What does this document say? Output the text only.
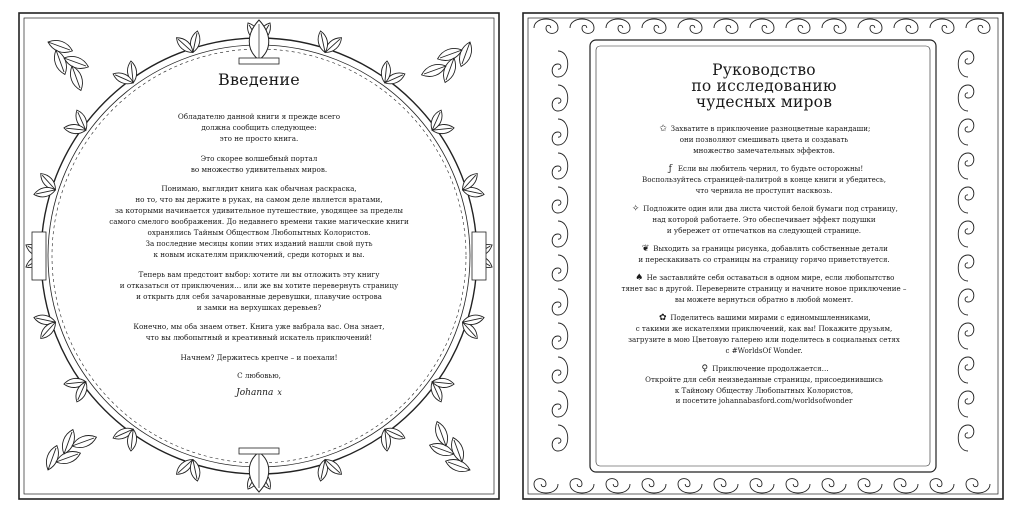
Введение

Обладателю данной книги я прежде всего
должна сообщить следующее:
это не просто книга.

Это скорее волшебный портал
во множество удивительных миров.

Понимаю, выглядит книга как обычная раскраска,
но то, что вы держите в руках, на самом деле является вратами,
за которыми начинается удивительное путешествие, уводящее за пределы
самого смелого воображения. До недавнего времени такие магические книги
охранялись Тайным Обществом Любопытных Колористов.
За последние месяцы копии этих изданий нашли свой путь
к новым искателям приключений, среди которых и вы.

Теперь вам предстоит выбор: хотите ли вы отложить эту книгу
и отказаться от приключения… или же вы хотите перевернуть страницу
и открыть для себя зачарованные деревушки, плавучие острова
и замки на верхушках деревьев?

Конечно, мы оба знаем ответ. Книга уже выбрала вас. Она знает,
что вы любопытный и креативный искатель приключений!

Начнем? Держитесь крепче – и поехали!

С любовью,
Johanna x
Руководство
по исследованию
чудесных миров

✩ Захватите в приключение разноцветные карандаши;
они позволяют смешивать цвета и создавать
множество замечательных эффектов.

ƒ Если вы любитель чернил, то будьте осторожны!
Воспользуйтесь страницей-палитрой в конце книги и убедитесь,
что чернила не проступят насквозь.

✧ Подложите один или два листа чистой белой бумаги под страницу,
над которой работаете. Это обеспечивает эффект подушки
и убережет от отпечатков на следующей странице.

❦ Выходить за границы рисунка, добавлять собственные детали
и перескакивать со страницы на страницу горячо приветствуется.

♠ Не заставляйте себя оставаться в одном мире, если любопытство
тянет вас в другой. Переверните страницу и начните новое приключение –
вы можете вернуться обратно в любой момент.

✿ Поделитесь вашими мирами с единомышленниками,
с такими же искателями приключений, как вы! Покажите друзьям,
загрузите в мою Цветовую галерею или поделитесь в социальных сетях
с #WorldsOf Wonder.

♀ Приключение продолжается…
Откройте для себя неизведанные страницы, присоединившись
к Тайному Обществу Любопытных Колористов,
и посетите johannabasford.com/worldsofwonder
